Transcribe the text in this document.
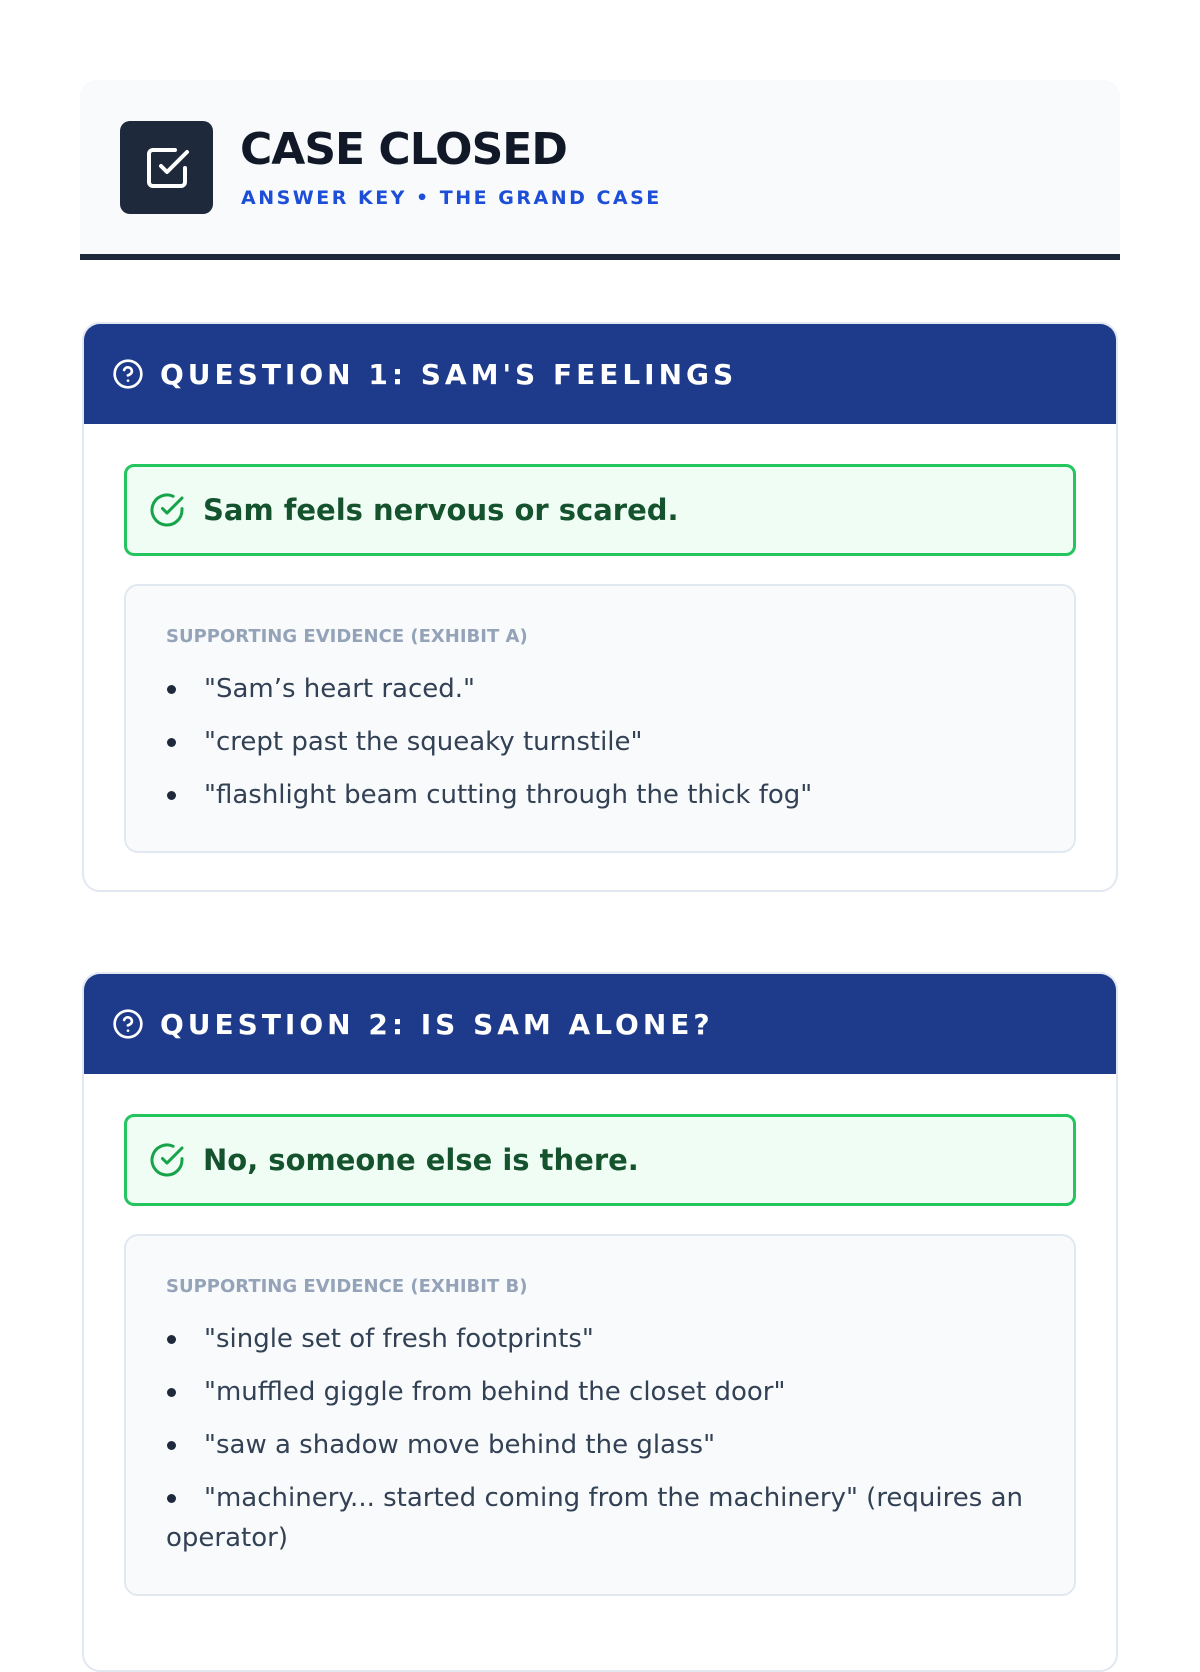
CASE CLOSED
ANSWER KEY • THE GRAND CASE
QUESTION 1: SAM'S FEELINGS
Sam feels nervous or scared.
SUPPORTING EVIDENCE (EXHIBIT A)
"Sam’s heart raced."
"crept past the squeaky turnstile"
"flashlight beam cutting through the thick fog"
QUESTION 2: IS SAM ALONE?
No, someone else is there.
SUPPORTING EVIDENCE (EXHIBIT B)
"single set of fresh footprints"
"muffled giggle from behind the closet door"
"saw a shadow move behind the glass"
"machinery... started coming from the machinery" (requires an operator)
